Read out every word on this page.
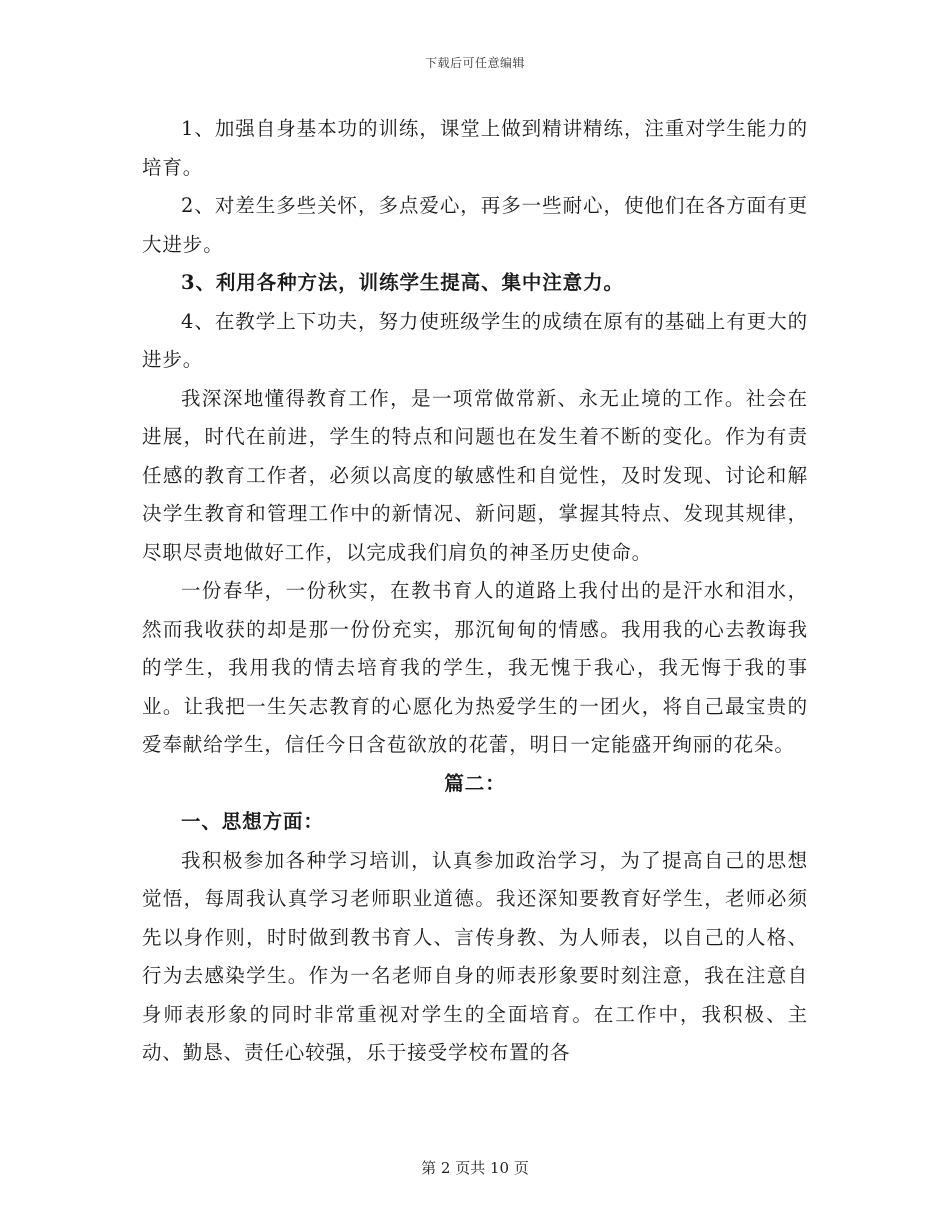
下载后可任意编辑

1、加强自身基本功的训练，课堂上做到精讲精练，注重对学生能力的培育。

2、对差生多些关怀，多点爱心，再多一些耐心，使他们在各方面有更大进步。

3、利用各种方法，训练学生提高、集中注意力。

4、在教学上下功夫，努力使班级学生的成绩在原有的基础上有更大的进步。

我深深地懂得教育工作，是一项常做常新、永无止境的工作。社会在进展，时代在前进，学生的特点和问题也在发生着不断的变化。作为有责任感的教育工作者，必须以高度的敏感性和自觉性，及时发现、讨论和解决学生教育和管理工作中的新情况、新问题，掌握其特点、发现其规律，尽职尽责地做好工作，以完成我们肩负的神圣历史使命。

一份春华，一份秋实，在教书育人的道路上我付出的是汗水和泪水，然而我收获的却是那一份份充实，那沉甸甸的情感。我用我的心去教诲我的学生，我用我的情去培育我的学生，我无愧于我心，我无悔于我的事业。让我把一生矢志教育的心愿化为热爱学生的一团火，将自己最宝贵的爱奉献给学生，信任今日含苞欲放的花蕾，明日一定能盛开绚丽的花朵。

篇二：

一、思想方面：

我积极参加各种学习培训，认真参加政治学习，为了提高自己的思想觉悟，每周我认真学习老师职业道德。我还深知要教育好学生，老师必须先以身作则，时时做到教书育人、言传身教、为人师表，以自己的人格、行为去感染学生。作为一名老师自身的师表形象要时刻注意，我在注意自身师表形象的同时非常重视对学生的全面培育。在工作中，我积极、主动、勤恳、责任心较强，乐于接受学校布置的各

第 2 页共 10 页
